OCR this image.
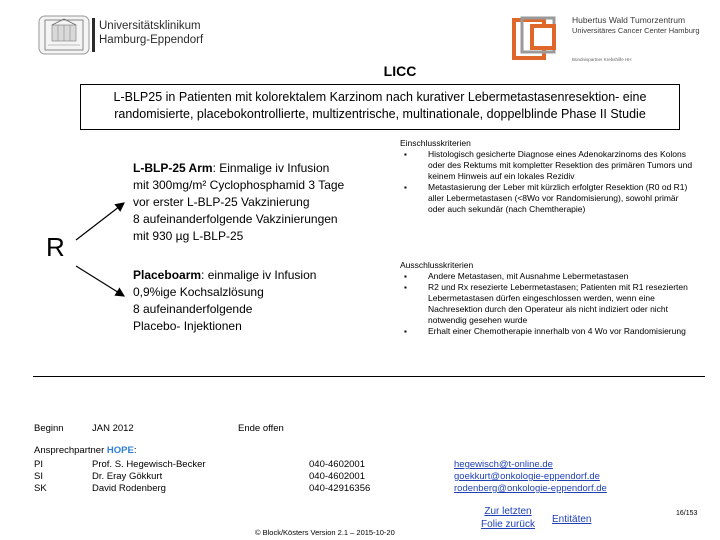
Universitätsklinikum
Hamburg-Eppendorf
Hubertus Wald Tumorzentrum
Universitäres Cancer Center Hamburg
Bündnispartner Krebshilfe HH
LICC
L-BLP25 in Patienten mit kolorektalem Karzinom nach kurativer Lebermetastasenresektion- eine
randomisierte, placebokontrollierte, multizentrische, multinationale, doppelblinde Phase II Studie
R
L-BLP-25 Arm: Einmalige iv Infusion
mit 300mg/m² Cyclophosphamid 3 Tage
vor erster L-BLP-25 Vakzinierung
8 aufeinanderfolgende Vakzinierungen
mit 930 µg L-BLP-25
Placeboarm: einmalige iv Infusion
0,9%ige Kochsalzlösung
8 aufeinanderfolgende
Placebo- Injektionen
Einschlusskriterien
▪ Histologisch gesicherte Diagnose eines Adenokarzinoms des Kolons oder des Rektums mit kompletter Resektion des primären Tumors und keinem Hinweis auf ein lokales Rezidiv
▪ Metastasierung der Leber mit kürzlich erfolgter Resektion (R0 od R1) aller Lebermetastasen (<8Wo vor Randomisierung), sowohl primär oder auch sekundär (nach Chemtherapie)
Ausschlusskriterien
▪ Andere Metastasen, mit Ausnahme Lebermetastasen
▪ R2 und Rx resezierte Lebermetastasen; Patienten mit R1 resezierten Lebermetastasen dürfen eingeschlossen werden, wenn eine Nachresektion durch den Operateur als nicht indiziert oder nicht notwendig gesehen wurde
▪ Erhalt einer Chemotherapie innerhalb von 4 Wo vor Randomisierung
Beginn	JAN 2012	Ende offen
Ansprechpartner HOPE:
PI	Prof. S. Hegewisch-Becker	040-4602001	hegewisch@t-online.de
SI	Dr. Eray Gökkurt	040-4602001	goekkurt@onkologie-eppendorf.de
SK	David Rodenberg	040-42916356	rodenberg@onkologie-eppendorf.de
Zur letzten
Folie zurück	Entitäten
© Block/Kösters Version 2.1 – 2015-10-20
16/153
